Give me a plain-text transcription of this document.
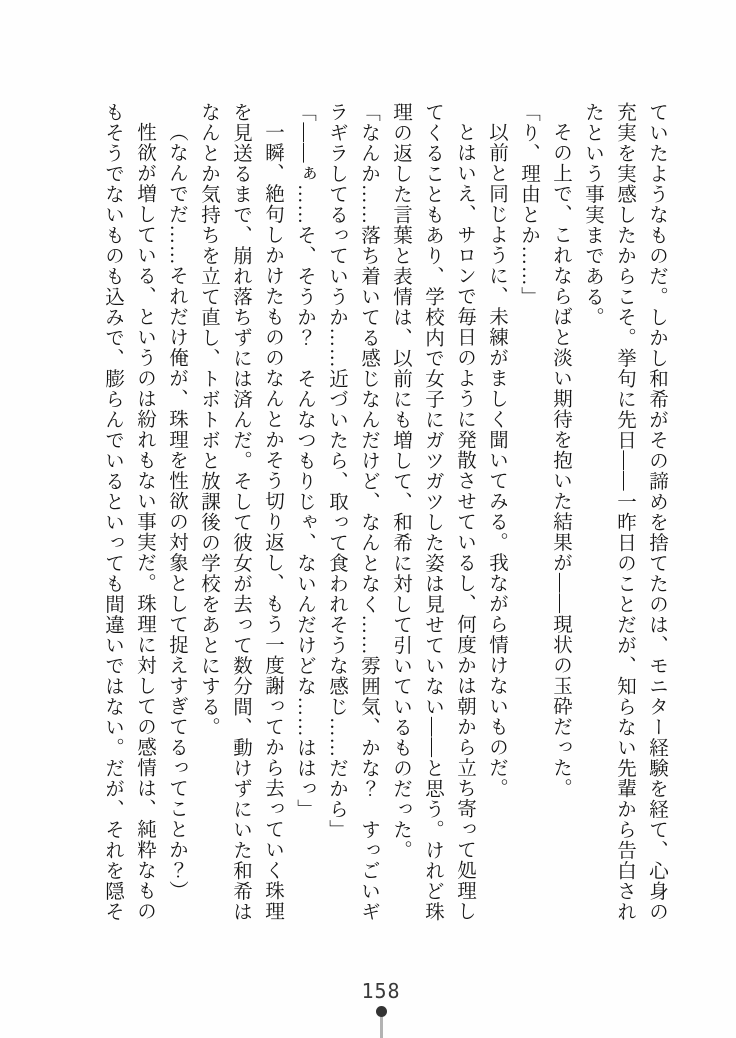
ていたようなものだ。しかし和希がその諦めを捨てたのは、モニター経験を経て、心身の充実を実感したからこそ。挙句に先日――一昨日のことだが、知らない先輩から告白されたという事実まである。

その上で、これならばと淡い期待を抱いた結果が――現状の玉砕だった。

「り、理由とか……」

以前と同じように、未練がましく聞いてみる。我ながら情けないものだ。

とはいえ、サロンで毎日のように発散させているし、何度かは朝から立ち寄って処理してくることもあり、学校内で女子にガツガツした姿は見せていない――と思う。けれど珠理の返した言葉と表情は、以前にも増して、和希に対して引いているものだった。

「なんか……落ち着いてる感じなんだけど、なんとなく……雰囲気、かな？　すっごいギラギラしてるっていうか……近づいたら、取って食われそうな感じ……だから」

「――ぁ……そ、そうか？　そんなつもりじゃ、ないんだけどな……ははっ」

一瞬、絶句しかけたもののなんとかそう切り返し、もう一度謝ってから去っていく珠理を見送るまで、崩れ落ちずには済んだ。そして彼女が去って数分間、動けずにいた和希はなんとか気持ちを立て直し、トボトボと放課後の学校をあとにする。

（なんでだ……それだけ俺が、珠理を性欲の対象として捉えすぎてるってことか？）

性欲が増している、というのは紛れもない事実だ。珠理に対しての感情は、純粋なものもそうでないものも込みで、膨らんでいるといっても間違いではない。だが、それを隠そ

158
